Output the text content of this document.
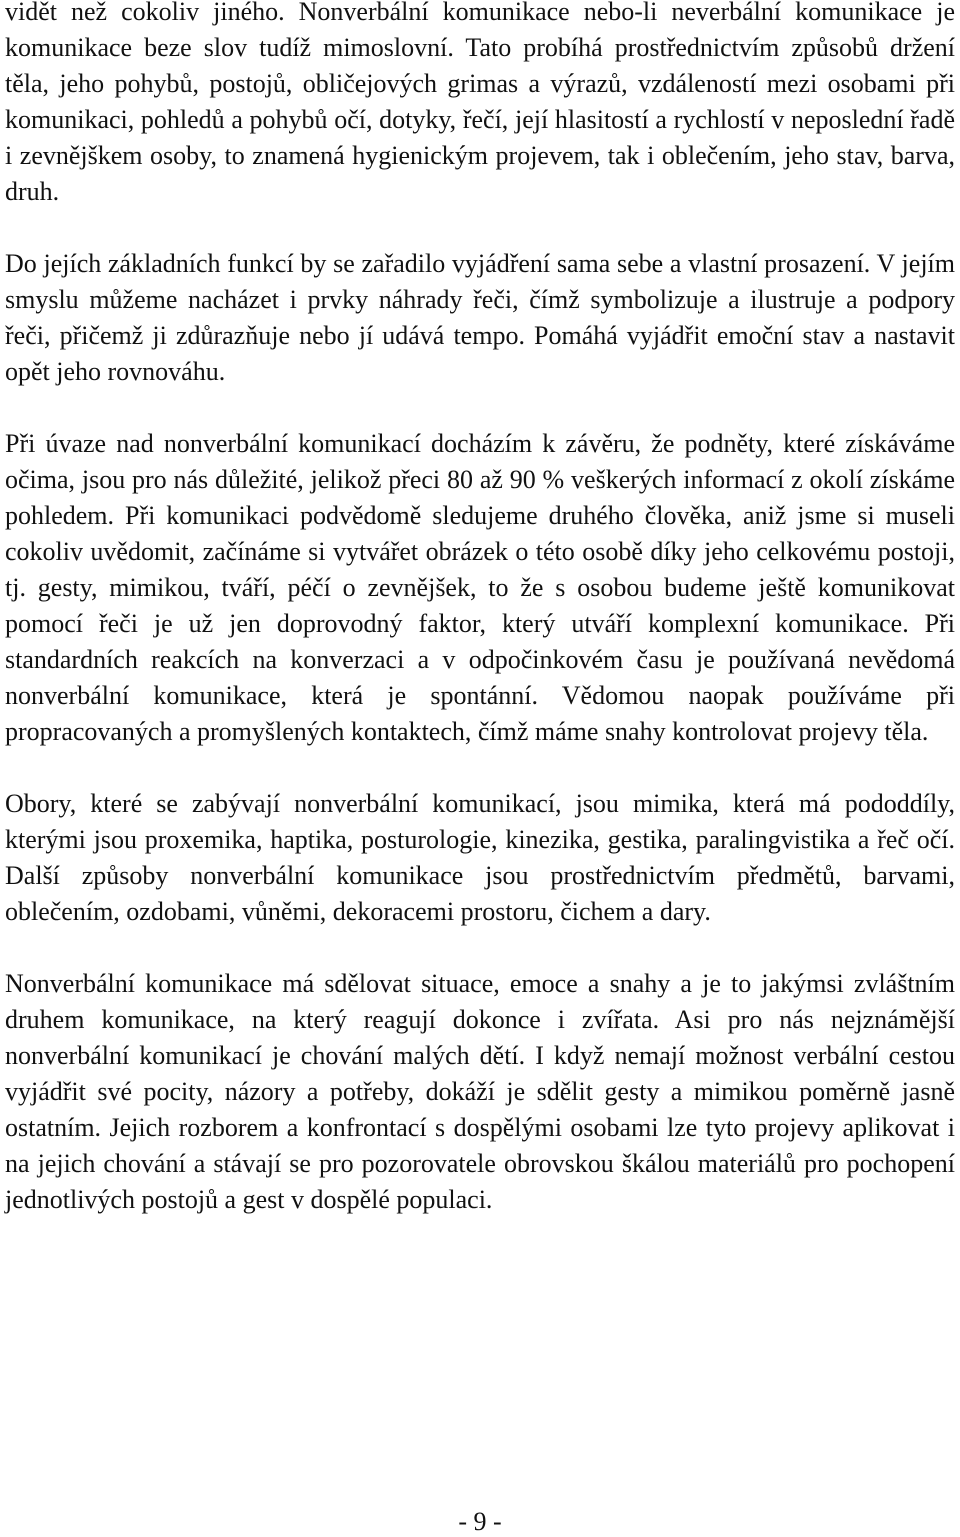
vidět než cokoliv jiného. Nonverbální komunikace nebo-li neverbální komunikace je komunikace beze slov tudíž mimoslovní. Tato probíhá prostřednictvím způsobů držení těla, jeho pohybů, postojů, obličejových grimas a výrazů, vzdáleností mezi osobami při komunikaci, pohledů a pohybů očí, dotyky, řečí, její hlasitostí a rychlostí v neposlední řadě i zevnějškem osoby, to znamená hygienickým projevem, tak i oblečením, jeho stav, barva, druh.

Do jejích základních funkcí by se zařadilo vyjádření sama sebe a vlastní prosazení. V jejím smyslu můžeme nacházet i prvky náhrady řeči, čímž symbolizuje a ilustruje a podpory řeči, přičemž ji zdůrazňuje nebo jí udává tempo. Pomáhá vyjádřit emoční stav a nastavit opět jeho rovnováhu.

Při úvaze nad nonverbální komunikací docházím k závěru, že podněty, které získáváme očima, jsou pro nás důležité, jelikož přeci 80 až 90 % veškerých informací z okolí získáme pohledem. Při komunikaci podvědomě sledujeme druhého člověka, aniž jsme si museli cokoliv uvědomit, začínáme si vytvářet obrázek o této osobě díky jeho celkovému postoji, tj. gesty, mimikou, tváří, péčí o zevnějšek, to že s osobou budeme ještě komunikovat pomocí řeči je už jen doprovodný faktor, který utváří komplexní komunikace. Při standardních reakcích na konverzaci a v odpočinkovém času je používaná nevědomá nonverbální komunikace, která je spontánní. Vědomou naopak používáme při propracovaných a promyšlených kontaktech, čímž máme snahy kontrolovat projevy těla.

Obory, které se zabývají nonverbální komunikací, jsou mimika, která má pododdíly, kterými jsou proxemika, haptika, posturologie, kinezika, gestika, paralingvistika a řeč očí. Další způsoby nonverbální komunikace jsou prostřednictvím předmětů, barvami, oblečením, ozdobami, vůněmi, dekoracemi prostoru, čichem a dary.

Nonverbální komunikace má sdělovat situace, emoce a snahy a je to jakýmsi zvláštním druhem komunikace, na který reagují dokonce i zvířata. Asi pro nás nejznámější nonverbální komunikací je chování malých dětí. I když nemají možnost verbální cestou vyjádřit své pocity, názory a potřeby, dokáží je sdělit gesty a mimikou poměrně jasně ostatním. Jejich rozborem a konfrontací s dospělými osobami lze tyto projevy aplikovat i na jejich chování a stávají se pro pozorovatele obrovskou škálou materiálů pro pochopení jednotlivých postojů a gest v dospělé populaci.

- 9 -
